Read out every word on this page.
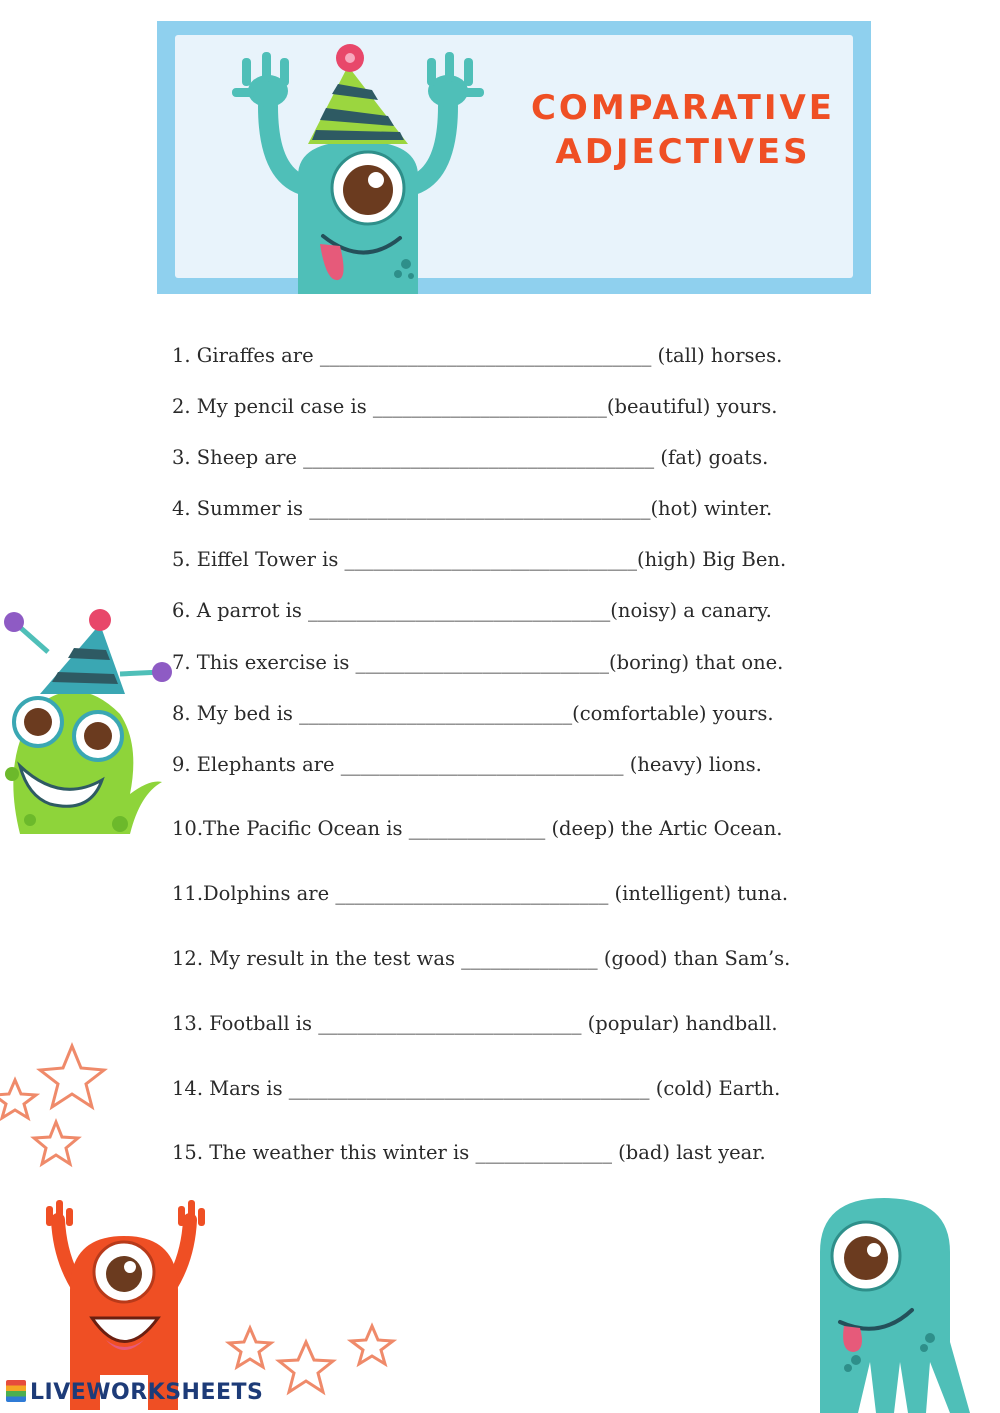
COMPARATIVE
ADJECTIVES
1. Giraffes are __________________________________ (tall) horses.
2. My pencil case is ________________________(beautiful) yours.
3. Sheep are ____________________________________ (fat) goats.
4. Summer is ___________________________________(hot) winter.
5. Eiffel Tower is ______________________________(high) Big Ben.
6. A parrot is _______________________________(noisy) a canary.
7. This exercise is __________________________(boring) that one.
8. My bed is ____________________________(comfortable) yours.
9. Elephants are _____________________________ (heavy) lions.
10.The Pacific Ocean is ______________ (deep) the Artic Ocean.
11.Dolphins are ____________________________ (intelligent) tuna.
12. My result in the test was ______________ (good) than Sam’s.
13. Football is ___________________________ (popular) handball.
14. Mars is _____________________________________ (cold) Earth.
15. The weather this winter is ______________ (bad) last year.
LIVEWORKSHEETS
